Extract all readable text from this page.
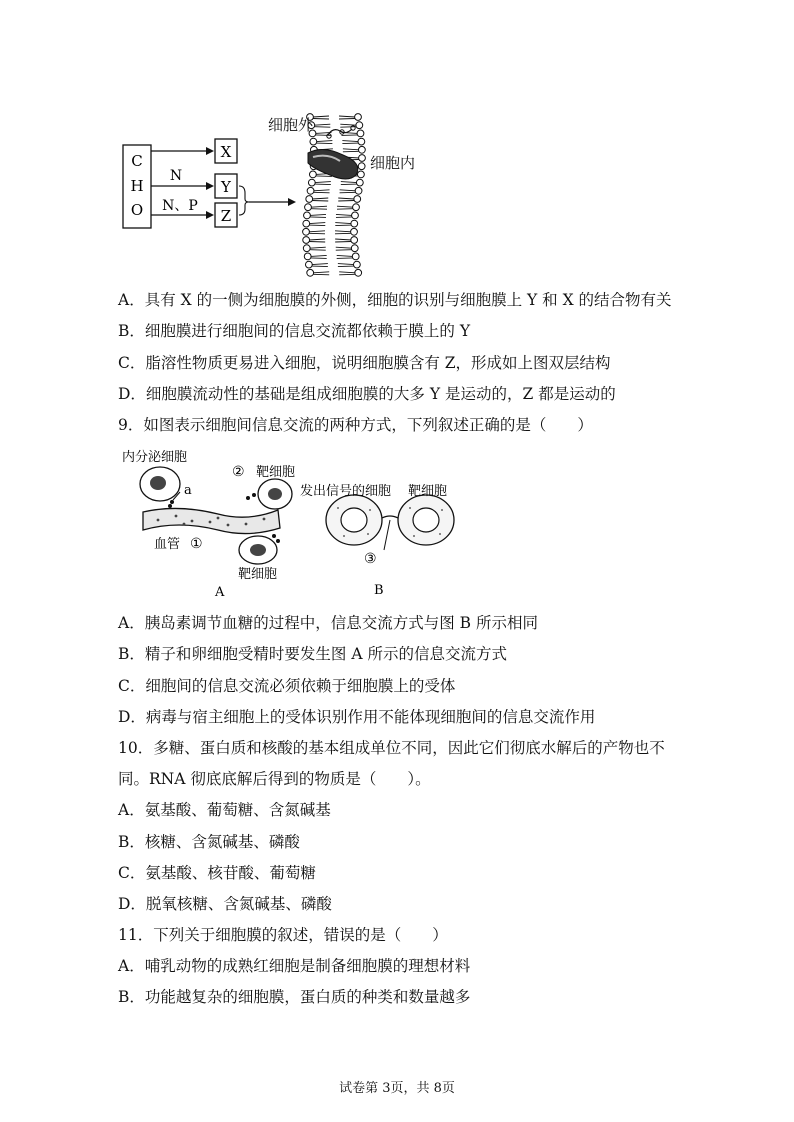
C
H
O
N
N、P
X
Y
Z
细胞外
细胞内
A．具有 X 的一侧为细胞膜的外侧，细胞的识别与细胞膜上 Y 和 X 的结合物有关
B．细胞膜进行细胞间的信息交流都依赖于膜上的 Y
C．脂溶性物质更易进入细胞，说明细胞膜含有 Z，形成如上图双层结构
D．细胞膜流动性的基础是组成细胞膜的大多 Y 是运动的，Z 都是运动的
9．如图表示细胞间信息交流的两种方式，下列叙述正确的是（　　）
内分泌细胞
a
② 靶细胞
血管 ①
靶细胞
A
发出信号的细胞 靶细胞
③
B
A．胰岛素调节血糖的过程中，信息交流方式与图 B 所示相同
B．精子和卵细胞受精时要发生图 A 所示的信息交流方式
C．细胞间的信息交流必须依赖于细胞膜上的受体
D．病毒与宿主细胞上的受体识别作用不能体现细胞间的信息交流作用
10．多糖、蛋白质和核酸的基本组成单位不同，因此它们彻底水解后的产物也不
同。RNA 彻底底解后得到的物质是（　　）。
A．氨基酸、葡萄糖、含氮碱基
B．核糖、含氮碱基、磷酸
C．氨基酸、核苷酸、葡萄糖
D．脱氧核糖、含氮碱基、磷酸
11．下列关于细胞膜的叙述，错误的是（　　）
A．哺乳动物的成熟红细胞是制备细胞膜的理想材料
B．功能越复杂的细胞膜，蛋白质的种类和数量越多
试卷第 3页，共 8页
